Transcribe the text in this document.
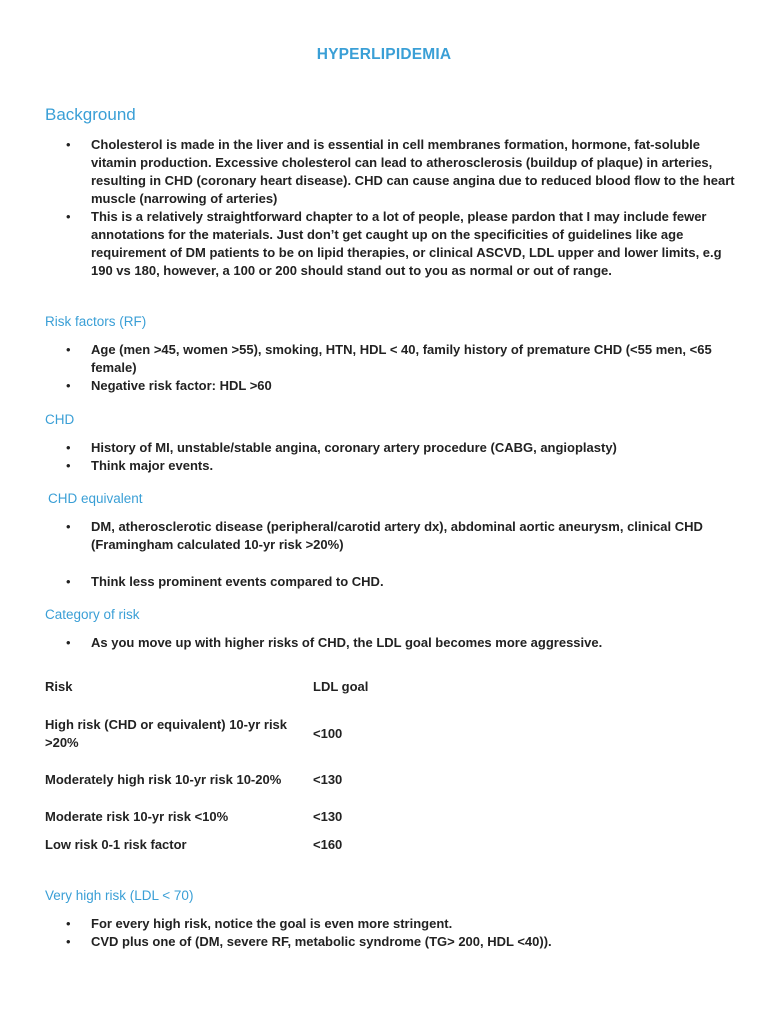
HYPERLIPIDEMIA
Background
• Cholesterol is made in the liver and is essential in cell membranes formation, hormone, fat-soluble vitamin production. Excessive cholesterol can lead to atherosclerosis (buildup of plaque) in arteries, resulting in CHD (coronary heart disease). CHD can cause angina due to reduced blood flow to the heart muscle (narrowing of arteries)
• This is a relatively straightforward chapter to a lot of people, please pardon that I may include fewer annotations for the materials. Just don’t get caught up on the specificities of guidelines like age requirement of DM patients to be on lipid therapies, or clinical ASCVD, LDL upper and lower limits, e.g 190 vs 180, however, a 100 or 200 should stand out to you as normal or out of range.
Risk factors (RF)
• Age (men >45, women >55), smoking, HTN, HDL < 40, family history of premature CHD (<55 men, <65 female)
• Negative risk factor: HDL >60
CHD
• History of MI, unstable/stable angina, coronary artery procedure (CABG, angioplasty)
• Think major events.
CHD equivalent
• DM, atherosclerotic disease (peripheral/carotid artery dx), abdominal aortic aneurysm, clinical CHD (Framingham calculated 10-yr risk >20%)
• Think less prominent events compared to CHD.
Category of risk
• As you move up with higher risks of CHD, the LDL goal becomes more aggressive.
Risk	LDL goal

High risk (CHD or equivalent) 10-yr risk >20%	<100

Moderately high risk 10-yr risk 10-20%	<130

Moderate risk 10-yr risk <10%	<130

Low risk 0-1 risk factor	<160
Very high risk (LDL < 70)
• For every high risk, notice the goal is even more stringent.
• CVD plus one of (DM, severe RF, metabolic syndrome (TG> 200, HDL <40)).
